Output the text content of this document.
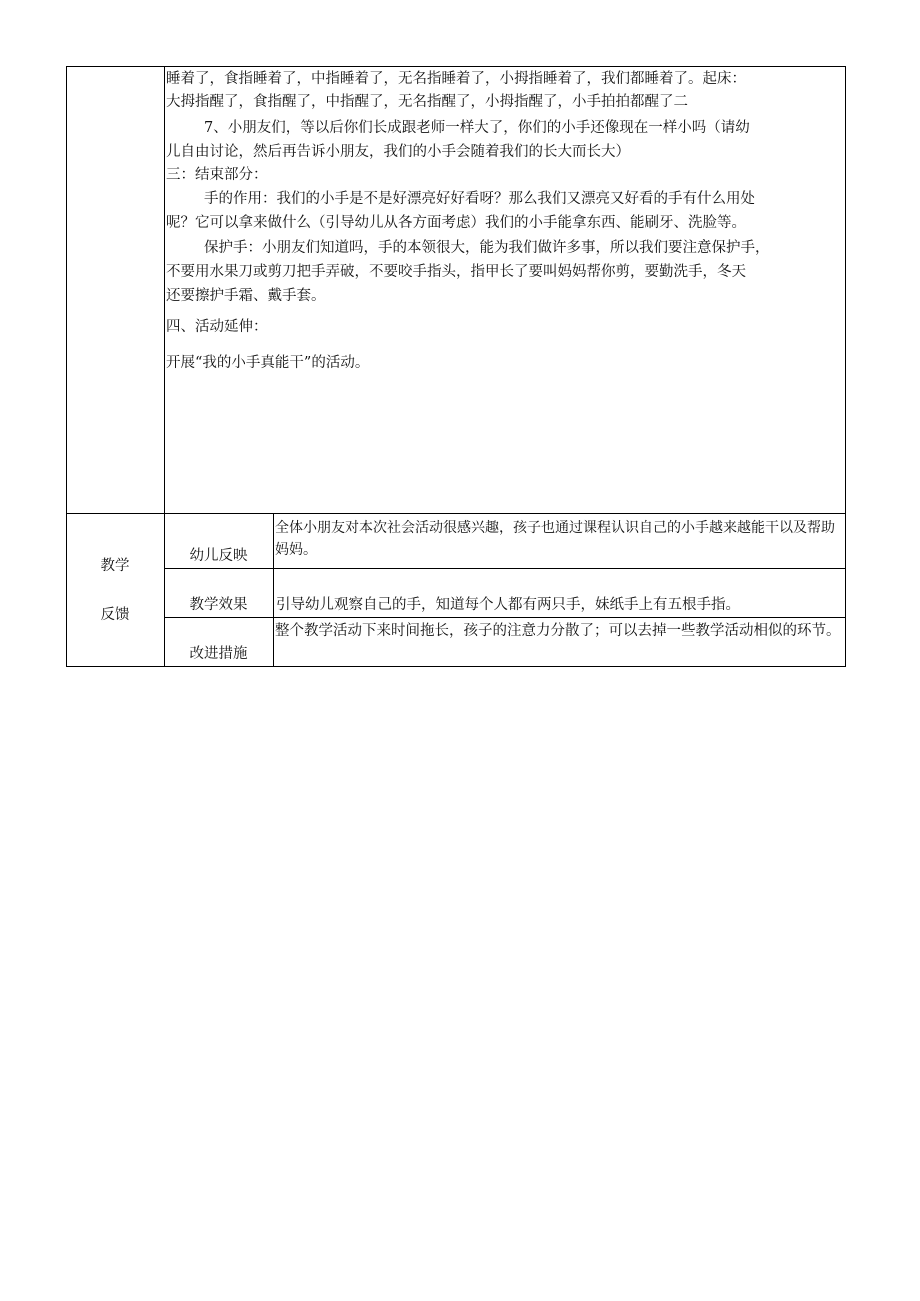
睡着了，食指睡着了，中指睡着了，无名指睡着了，小拇指睡着了，我们都睡着了。起床：
大拇指醒了，食指醒了，中指醒了，无名指醒了，小拇指醒了，小手拍拍都醒了二
7、小朋友们，等以后你们长成跟老师一样大了，你们的小手还像现在一样小吗（请幼
儿自由讨论，然后再告诉小朋友，我们的小手会随着我们的长大而长大）
三：结束部分：
手的作用：我们的小手是不是好漂亮好好看呀？那么我们又漂亮又好看的手有什么用处
呢？它可以拿来做什么（引导幼儿从各方面考虑）我们的小手能拿东西、能刷牙、洗脸等。
保护手：小朋友们知道吗，手的本领很大，能为我们做许多事，所以我们要注意保护手，
不要用水果刀或剪刀把手弄破，不要咬手指头，指甲长了要叫妈妈帮你剪，要勤洗手，冬天
还要擦护手霜、戴手套。
四、活动延伸：
开展“我的小手真能干”的活动。
教学
反馈
幼儿反映
全体小朋友对本次社会活动很感兴趣，孩子也通过课程认识自己的小手越来越能干以及帮助妈妈。
教学效果	引导幼儿观察自己的手，知道每个人都有两只手，妹纸手上有五根手指。
改进措施
整个教学活动下来时间拖长，孩子的注意力分散了；可以去掉一些教学活动相似的环节。
